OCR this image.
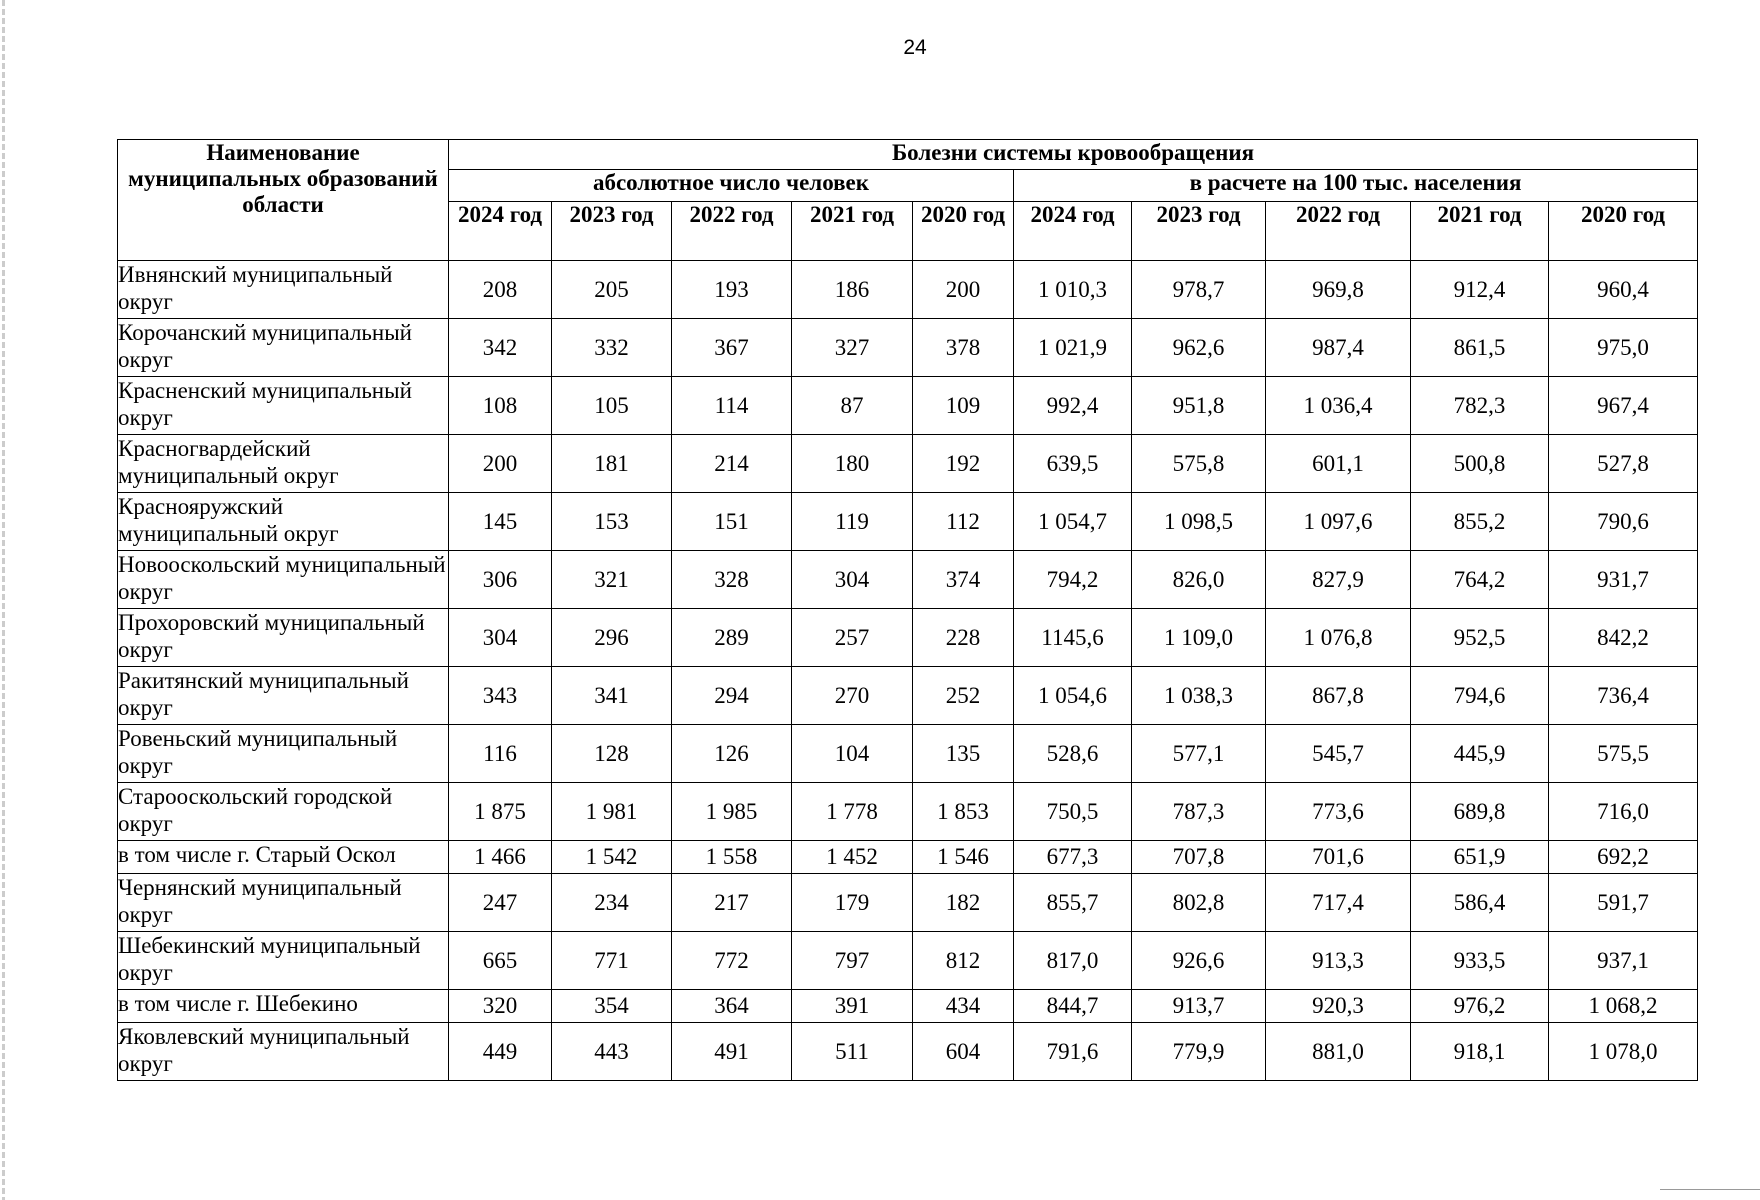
24
Наименование муниципальных образований области	Болезни системы кровообращения									
	абсолютное число человек					в расчете на 100 тыс. населения				
	2024 год	2023 год	2022 год	2021 год	2020 год	2024 год	2023 год	2022 год	2021 год	2020 год
Ивнянский муниципальный округ	208	205	193	186	200	1 010,3	978,7	969,8	912,4	960,4
Корочанский муниципальный округ	342	332	367	327	378	1 021,9	962,6	987,4	861,5	975,0
Красненский муниципальный округ	108	105	114	87	109	992,4	951,8	1 036,4	782,3	967,4
Красногвардейский муниципальный округ	200	181	214	180	192	639,5	575,8	601,1	500,8	527,8
Краснояружский муниципальный округ	145	153	151	119	112	1 054,7	1 098,5	1 097,6	855,2	790,6
Новооскольский муниципальный округ	306	321	328	304	374	794,2	826,0	827,9	764,2	931,7
Прохоровский муниципальный округ	304	296	289	257	228	1145,6	1 109,0	1 076,8	952,5	842,2
Ракитянский муниципальный округ	343	341	294	270	252	1 054,6	1 038,3	867,8	794,6	736,4
Ровеньский муниципальный округ	116	128	126	104	135	528,6	577,1	545,7	445,9	575,5
Старооскольский городской округ	1 875	1 981	1 985	1 778	1 853	750,5	787,3	773,6	689,8	716,0
в том числе г. Старый Оскол	1 466	1 542	1 558	1 452	1 546	677,3	707,8	701,6	651,9	692,2
Чернянский муниципальный округ	247	234	217	179	182	855,7	802,8	717,4	586,4	591,7
Шебекинский муниципальный округ	665	771	772	797	812	817,0	926,6	913,3	933,5	937,1
в том числе г. Шебекино	320	354	364	391	434	844,7	913,7	920,3	976,2	1 068,2
Яковлевский муниципальный округ	449	443	491	511	604	791,6	779,9	881,0	918,1	1 078,0
